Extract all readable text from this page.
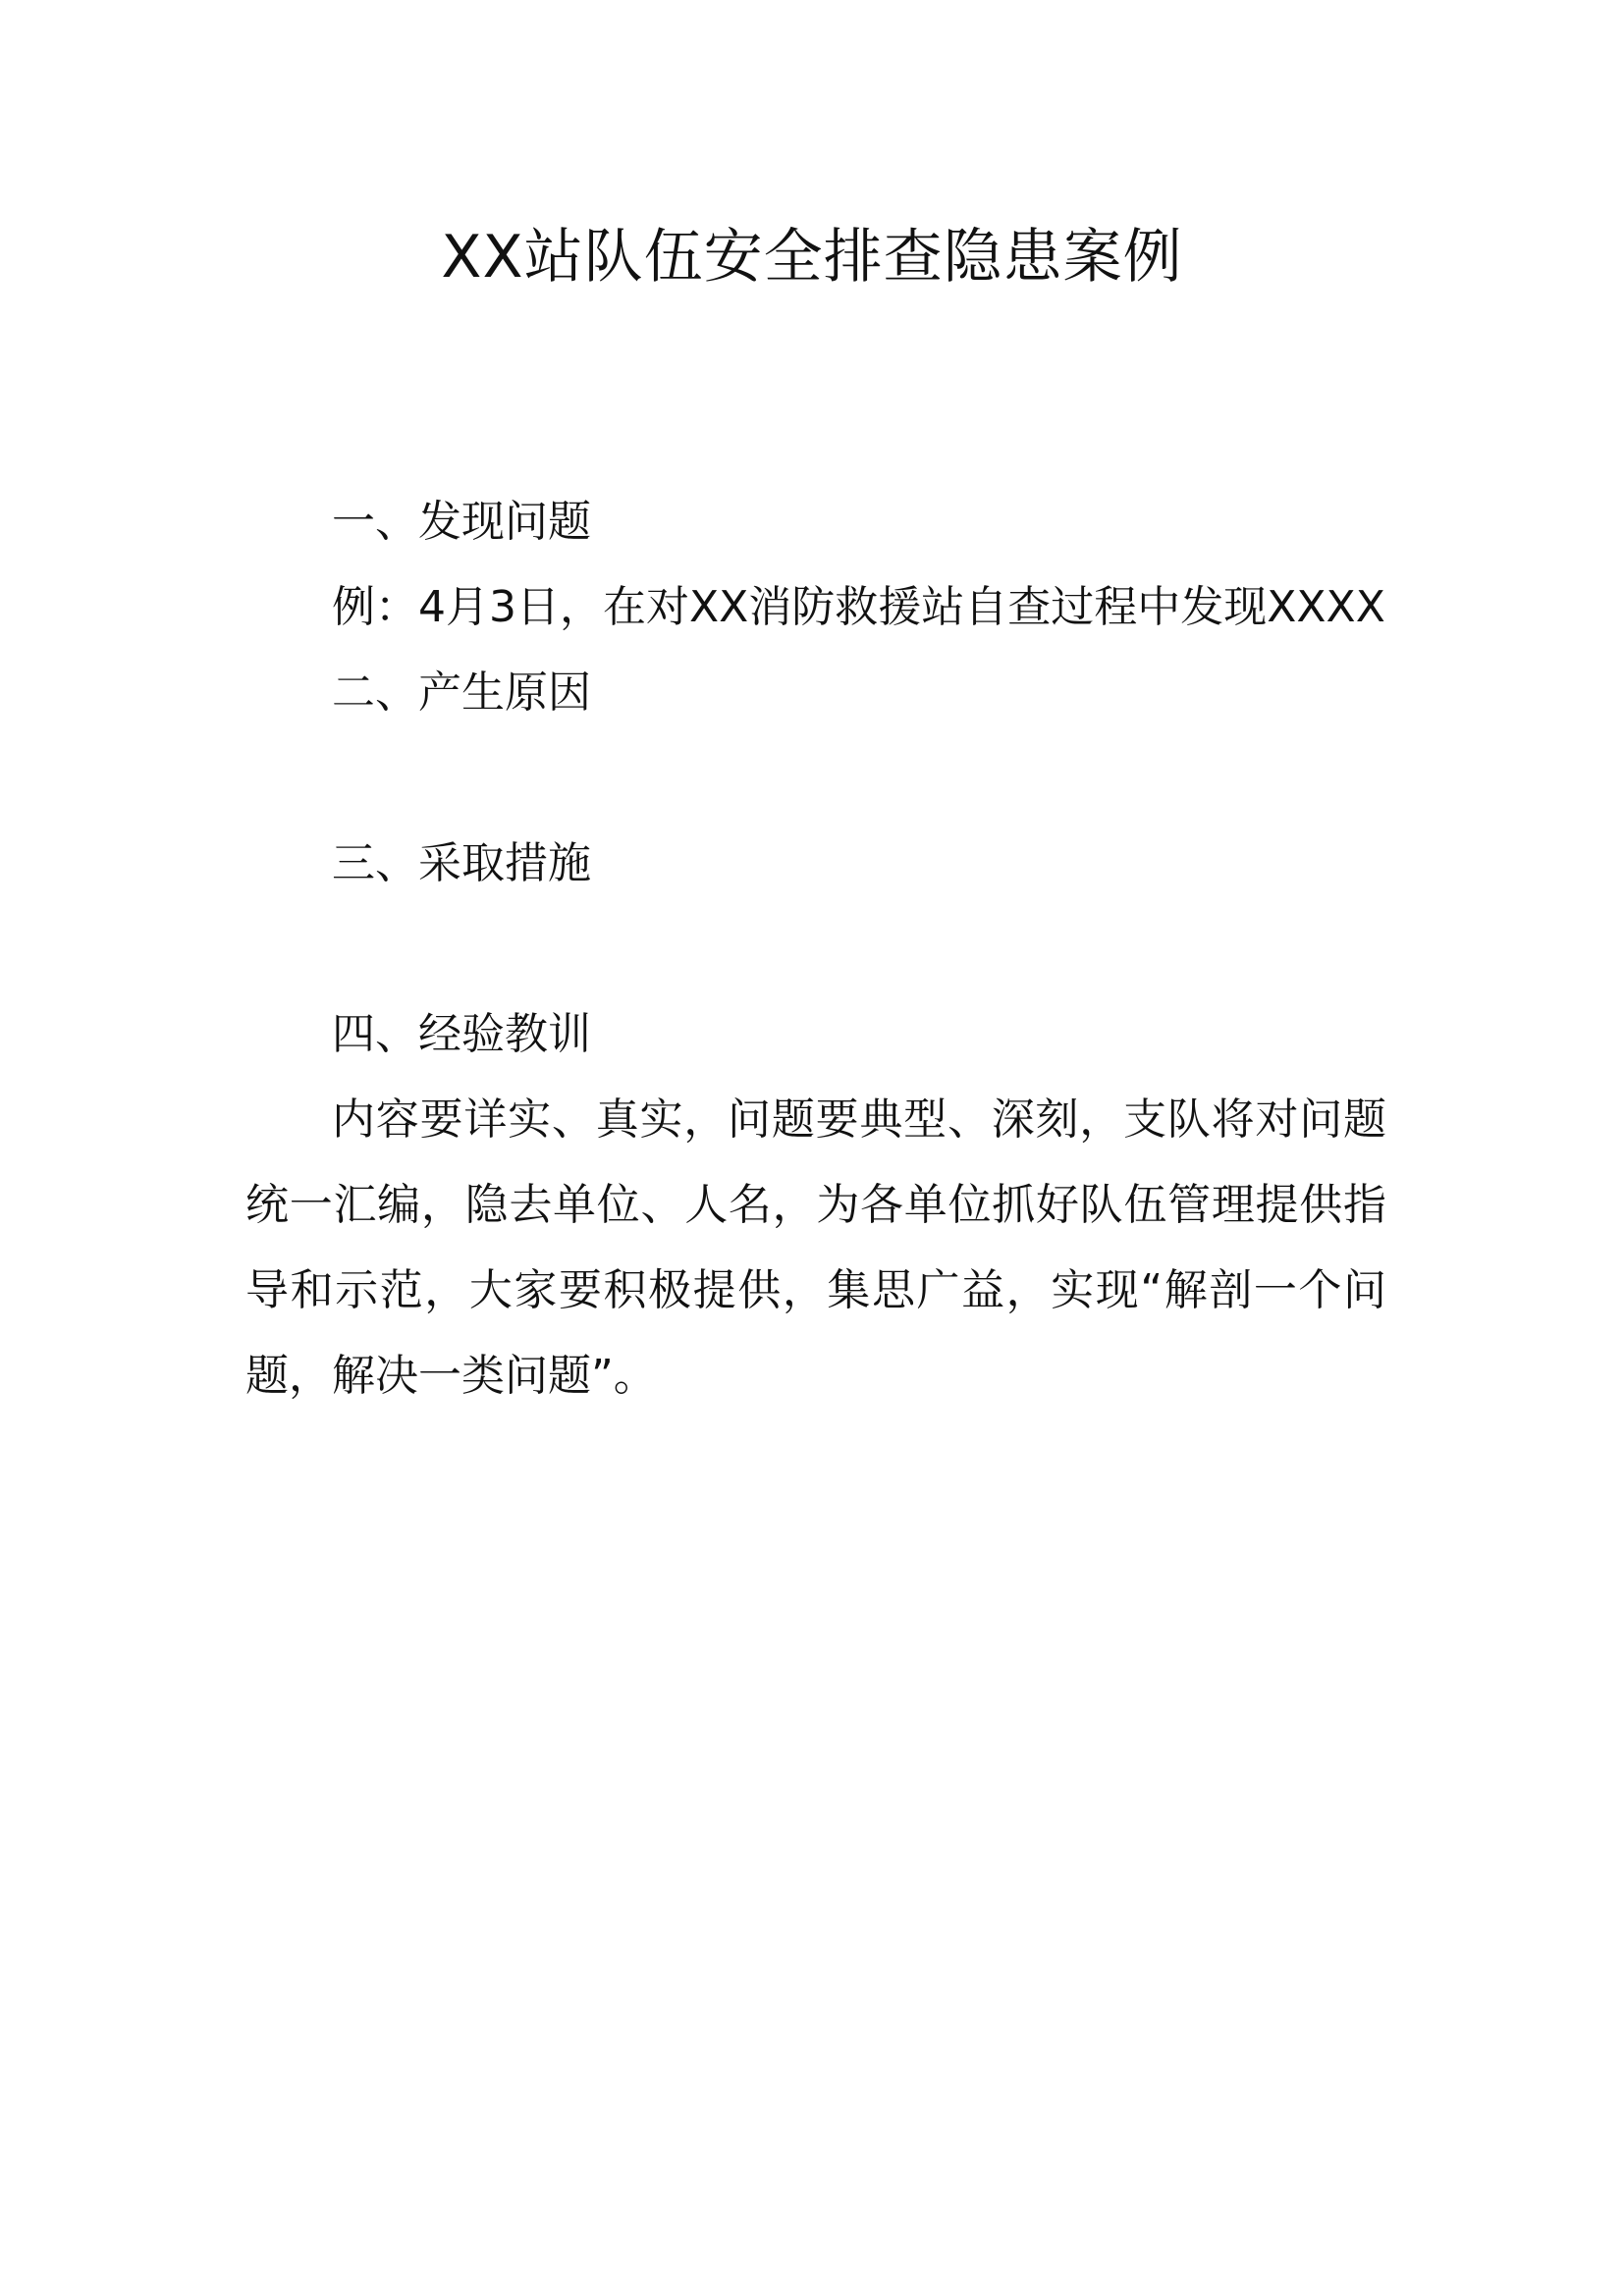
XX站队伍安全排查隐患案例

一、发现问题

例：4月3日，在对XX消防救援站自查过程中发现XXXX

二、产生原因

三、采取措施

四、经验教训

内容要详实、真实，问题要典型、深刻，支队将对问题统一汇编，隐去单位、人名，为各单位抓好队伍管理提供指导和示范，大家要积极提供，集思广益，实现“解剖一个问题，解决一类问题”。
